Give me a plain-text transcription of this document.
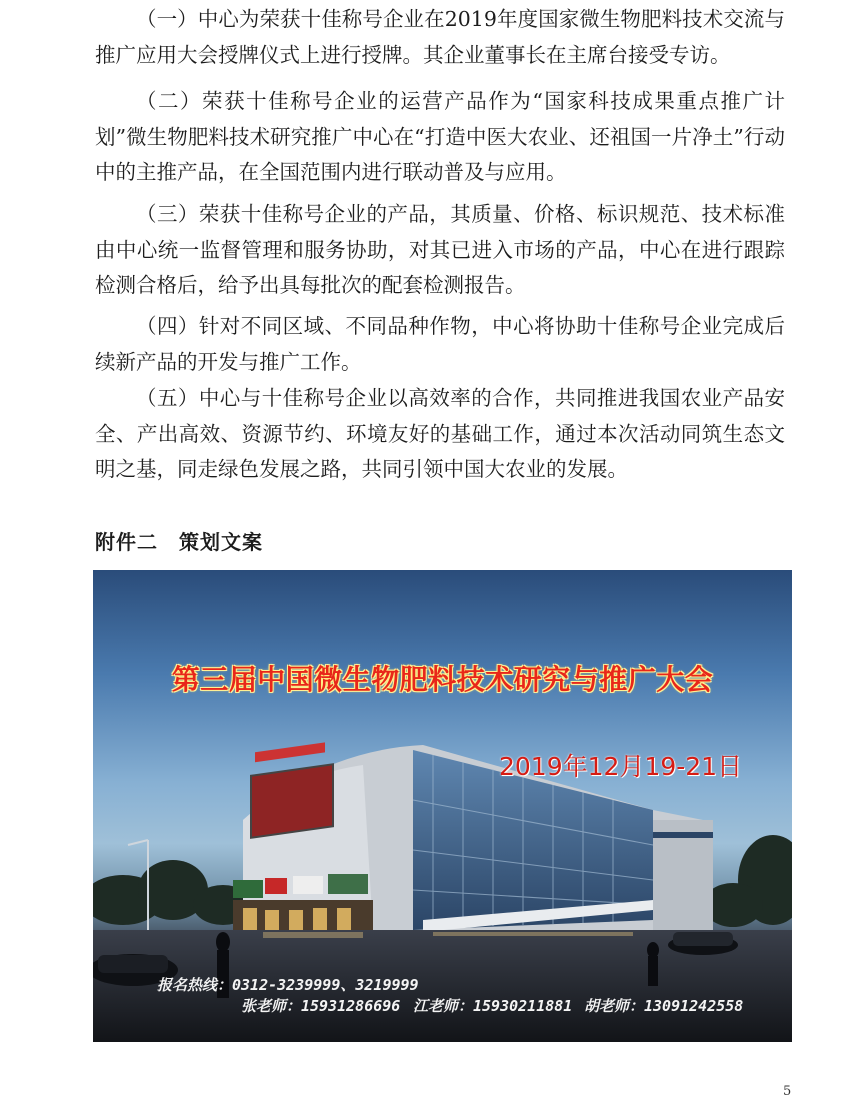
（一）中心为荣获十佳称号企业在2019年度国家微生物肥料技术交流与推广应用大会授牌仪式上进行授牌。其企业董事长在主席台接受专访。

（二）荣获十佳称号企业的运营产品作为“国家科技成果重点推广计划”微生物肥料技术研究推广中心在“打造中医大农业、还祖国一片净土”行动中的主推产品，在全国范围内进行联动普及与应用。

（三）荣获十佳称号企业的产品，其质量、价格、标识规范、技术标准由中心统一监督管理和服务协助，对其已进入市场的产品，中心在进行跟踪检测合格后，给予出具每批次的配套检测报告。

（四）针对不同区域、不同品种作物，中心将协助十佳称号企业完成后续新产品的开发与推广工作。

（五）中心与十佳称号企业以高效率的合作，共同推进我国农业产品安全、产出高效、资源节约、环境友好的基础工作，通过本次活动同筑生态文明之基，同走绿色发展之路，共同引领中国大农业的发展。

附件二　策划文案
第三届中国微生物肥料技术研究与推广大会
2019年12月19-21日
报名热线：0312-3239999、3219999
张老师：15931286696 江老师：15930211881 胡老师：13091242558
5
